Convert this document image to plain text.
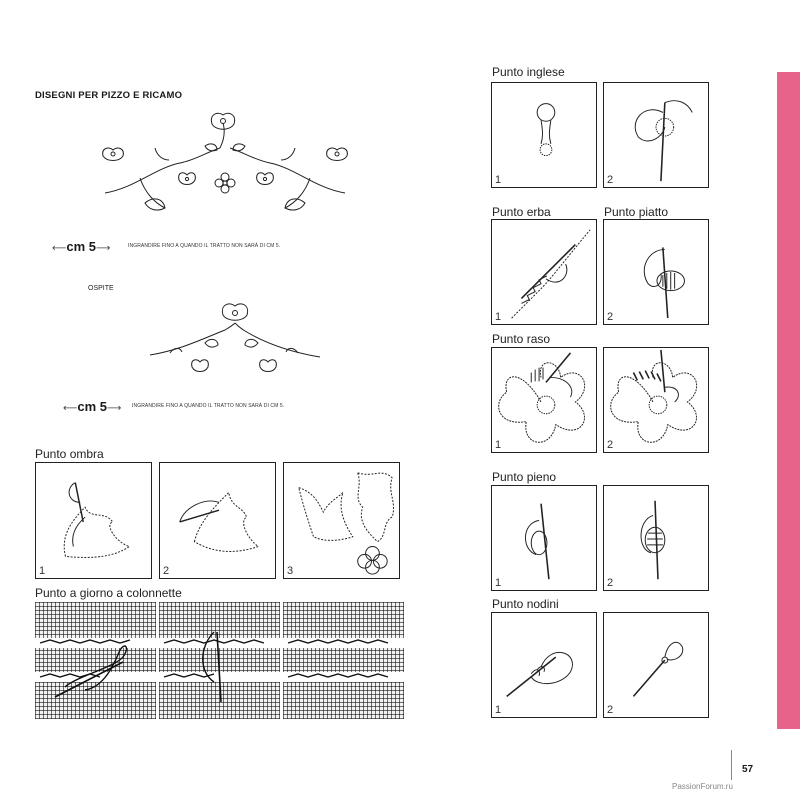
DISEGNI PER PIZZO E RICAMO
⟵cm 5⟶	INGRANDIRE FINO A QUANDO IL TRATTO NON SARÀ DI CM 5.
OSPITE
⟵cm 5⟶ INGRANDIRE FINO A QUANDO IL TRATTO NON SARÀ DI CM 5.
Punto ombra
1	2	3
Punto a giorno a colonnette
Punto inglese
1	2
Punto erba	Punto piatto
1	2
Punto raso
1	2
Punto pieno
1	2
Punto nodini
1	2
57
PassionForum.ru
